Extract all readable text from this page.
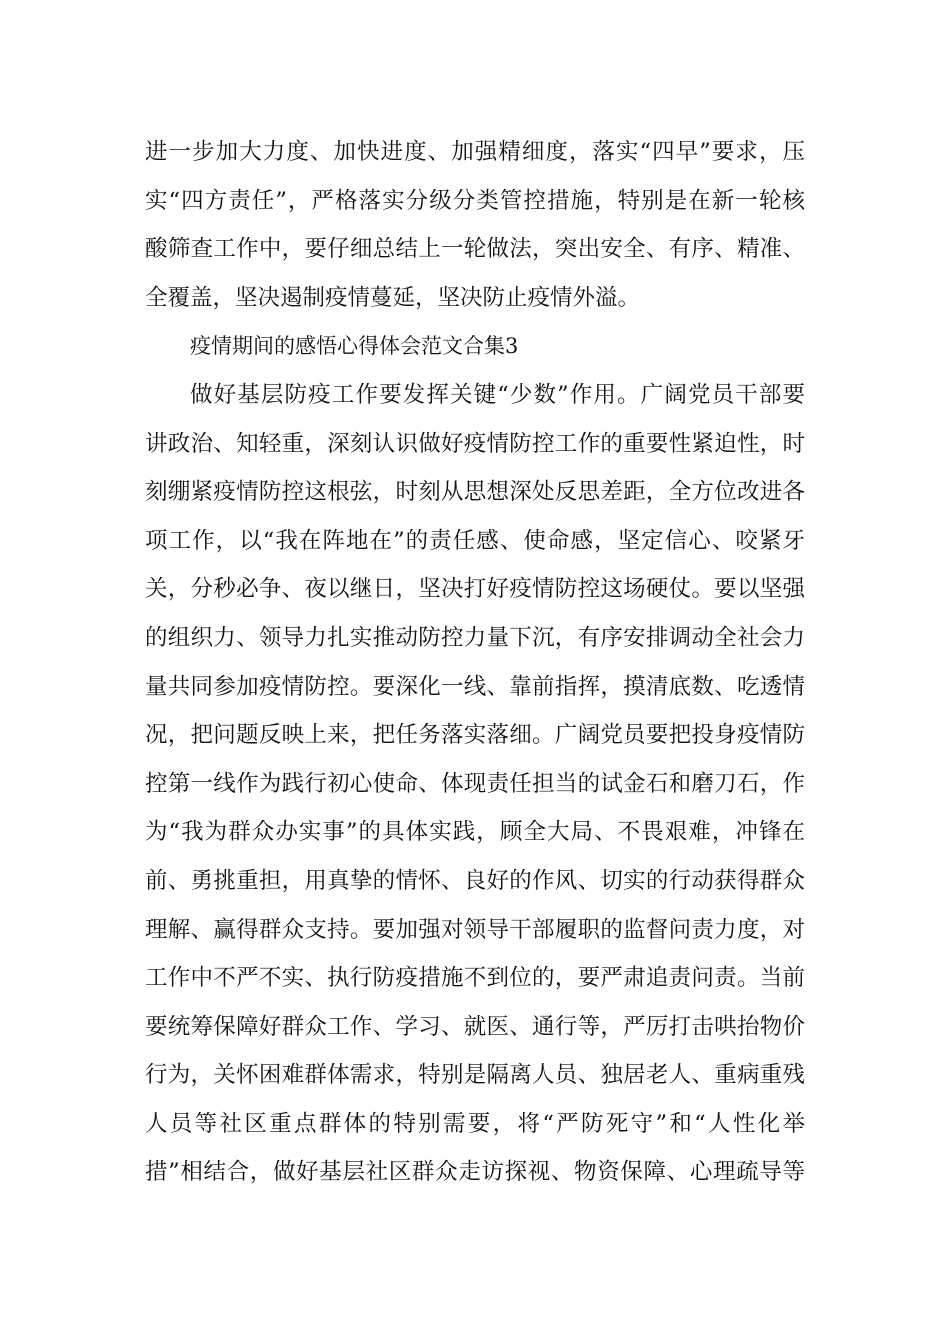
进一步加大力度、加快进度、加强精细度，落实“四早”要求，压
实“四方责任”，严格落实分级分类管控措施，特别是在新一轮核
酸筛查工作中，要仔细总结上一轮做法，突出安全、有序、精准、
全覆盖，坚决遏制疫情蔓延，坚决防止疫情外溢。
疫情期间的感悟心得体会范文合集3
做好基层防疫工作要发挥关键“少数”作用。广阔党员干部要
讲政治、知轻重，深刻认识做好疫情防控工作的重要性紧迫性，时
刻绷紧疫情防控这根弦，时刻从思想深处反思差距，全方位改进各
项工作，以“我在阵地在”的责任感、使命感，坚定信心、咬紧牙
关，分秒必争、夜以继日，坚决打好疫情防控这场硬仗。要以坚强
的组织力、领导力扎实推动防控力量下沉，有序安排调动全社会力
量共同参加疫情防控。要深化一线、靠前指挥，摸清底数、吃透情
况，把问题反映上来，把任务落实落细。广阔党员要把投身疫情防
控第一线作为践行初心使命、体现责任担当的试金石和磨刀石，作
为“我为群众办实事”的具体实践，顾全大局、不畏艰难，冲锋在
前、勇挑重担，用真挚的情怀、良好的作风、切实的行动获得群众
理解、赢得群众支持。要加强对领导干部履职的监督问责力度，对
工作中不严不实、执行防疫措施不到位的，要严肃追责问责。当前
要统筹保障好群众工作、学习、就医、通行等，严厉打击哄抬物价
行为，关怀困难群体需求，特别是隔离人员、独居老人、重病重残
人员等社区重点群体的特别需要，将“严防死守”和“人性化举
措”相结合，做好基层社区群众走访探视、物资保障、心理疏导等
